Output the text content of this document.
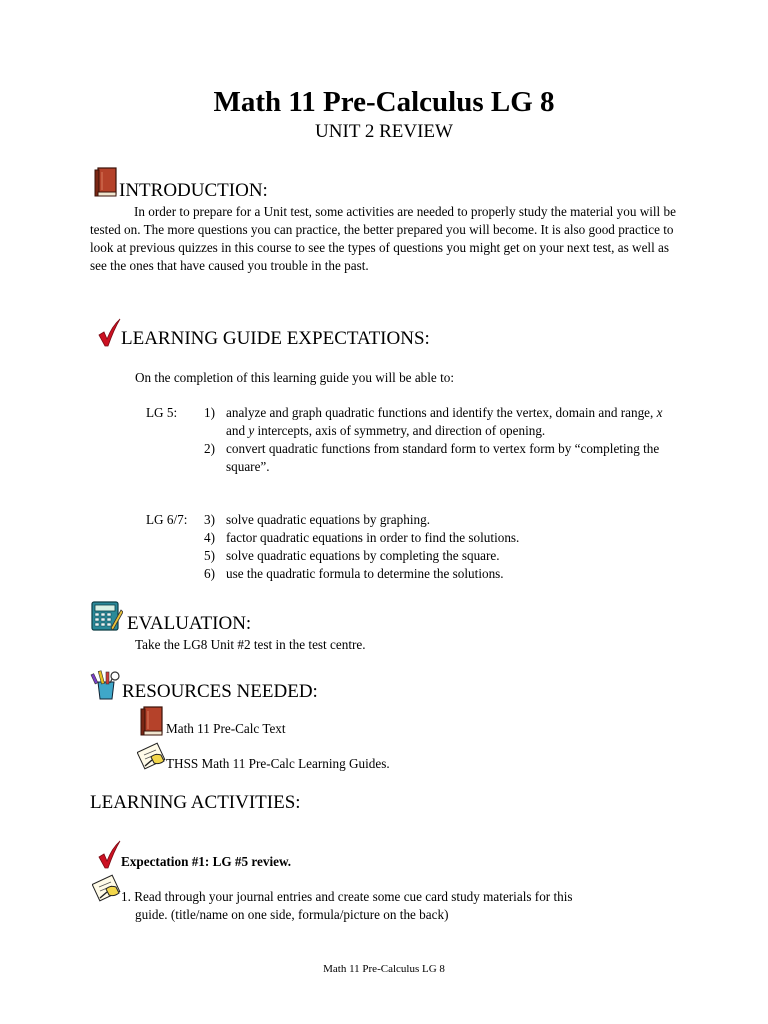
Math 11 Pre-Calculus LG 8
UNIT 2 REVIEW
INTRODUCTION:

In order to prepare for a Unit test, some activities are needed to properly study the material you will be tested on. The more questions you can practice, the better prepared you will become. It is also good practice to look at previous quizzes in this course to see the types of questions you might get on your next test, as well as see the ones that have caused you trouble in the past.

LEARNING GUIDE EXPECTATIONS:
On the completion of this learning guide you will be able to:
LG 5: 1) analyze and graph quadratic functions and identify the vertex, domain and range, x and y intercepts, axis of symmetry, and direction of opening.
2) convert quadratic functions from standard form to vertex form by “completing the square”.
LG 6/7: 3) solve quadratic equations by graphing.
4) factor quadratic equations in order to find the solutions.
5) solve quadratic equations by completing the square.
6) use the quadratic formula to determine the solutions.
EVALUATION:
Take the LG8 Unit #2 test in the test centre.
RESOURCES NEEDED:
Math 11 Pre-Calc Text
THSS Math 11 Pre-Calc Learning Guides.
LEARNING ACTIVITIES:
Expectation #1: LG #5 review.
1. Read through your journal entries and create some cue card study materials for this
guide. (title/name on one side, formula/picture on the back)
Math 11 Pre-Calculus LG 8
